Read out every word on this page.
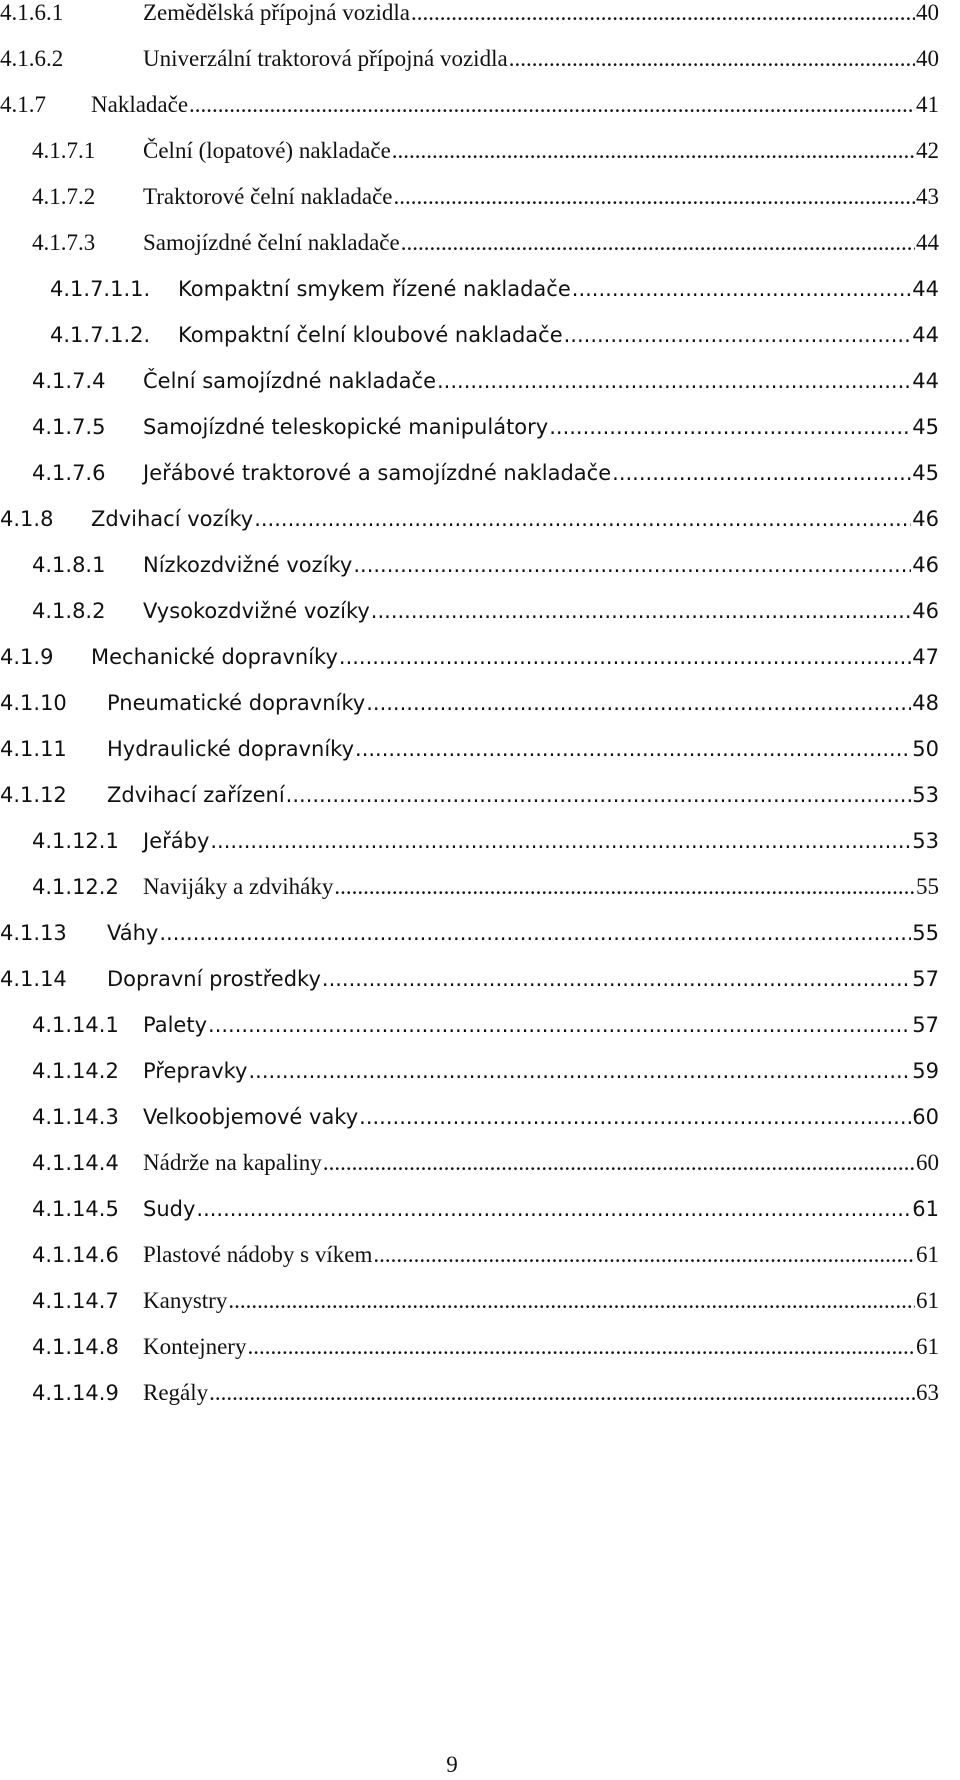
4.1.6.1	Zemědělská přípojná vozidla .....	40
4.1.6.2	Univerzální traktorová přípojná vozidla .....	40
4.1.7	Nakladače .....	41
4.1.7.1	Čelní (lopatové) nakladače .....	42
4.1.7.2	Traktorové čelní nakladače .....	43
4.1.7.3	Samojízdné čelní nakladače .....	44
4.1.7.1.1.	Kompaktní smykem řízené nakladače .....	44
4.1.7.1.2.	Kompaktní čelní kloubové nakladače .....	44
4.1.7.4	Čelní samojízdné nakladače .....	44
4.1.7.5	Samojízdné teleskopické manipulátory .....	45
4.1.7.6	Jeřábové traktorové a samojízdné nakladače .....	45
4.1.8	Zdvihací vozíky .....	46
4.1.8.1	Nízkozdvižné vozíky .....	46
4.1.8.2	Vysokozdvižné vozíky .....	46
4.1.9	Mechanické dopravníky .....	47
4.1.10	Pneumatické dopravníky .....	48
4.1.11	Hydraulické dopravníky .....	50
4.1.12	Zdvihací zařízení .....	53
4.1.12.1	Jeřáby .....	53
4.1.12.2	Navijáky a zdviháky .....	55
4.1.13	Váhy .....	55
4.1.14	Dopravní prostředky .....	57
4.1.14.1	Palety .....	57
4.1.14.2	Přepravky .....	59
4.1.14.3	Velkoobjemové vaky .....	60
4.1.14.4	Nádrže na kapaliny .....	60
4.1.14.5	Sudy .....	61
4.1.14.6	Plastové nádoby s víkem .....	61
4.1.14.7	Kanystry .....	61
4.1.14.8	Kontejnery .....	61
4.1.14.9	Regály .....	63
9
